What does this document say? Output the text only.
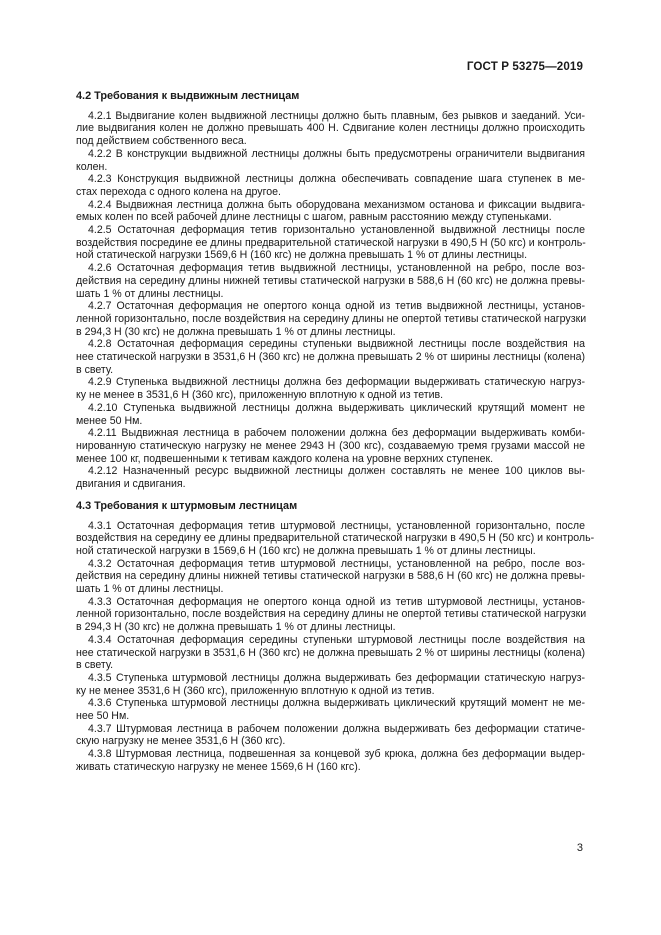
ГОСТ Р 53275—2019
4.2 Требования к выдвижным лестницам
4.2.1 Выдвигание колен выдвижной лестницы должно быть плавным, без рывков и заеданий. Уси-
лие выдвигания колен не должно превышать 400 Н. Сдвигание колен лестницы должно происходить
под действием собственного веса.
4.2.2 В конструкции выдвижной лестницы должны быть предусмотрены ограничители выдвигания
колен.
4.2.3 Конструкция выдвижной лестницы должна обеспечивать совпадение шага ступенек в ме-
стах перехода с одного колена на другое.
4.2.4 Выдвижная лестница должна быть оборудована механизмом останова и фиксации выдвига-
емых колен по всей рабочей длине лестницы с шагом, равным расстоянию между ступеньками.
4.2.5 Остаточная деформация тетив горизонтально установленной выдвижной лестницы после
воздействия посредине ее длины предварительной статической нагрузки в 490,5 Н (50 кгс) и контроль-
ной статической нагрузки 1569,6 Н (160 кгс) не должна превышать 1 % от длины лестницы.
4.2.6 Остаточная деформация тетив выдвижной лестницы, установленной на ребро, после воз-
действия на середину длины нижней тетивы статической нагрузки в 588,6 Н (60 кгс) не должна превы-
шать 1 % от длины лестницы.
4.2.7 Остаточная деформация не опертого конца одной из тетив выдвижной лестницы, установ-
ленной горизонтально, после воздействия на середину длины не опертой тетивы статической нагрузки
в 294,3 Н (30 кгс) не должна превышать 1 % от длины лестницы.
4.2.8 Остаточная деформация середины ступеньки выдвижной лестницы после воздействия на
нее статической нагрузки в 3531,6 Н (360 кгс) не должна превышать 2 % от ширины лестницы (колена)
в свету.
4.2.9 Ступенька выдвижной лестницы должна без деформации выдерживать статическую нагруз-
ку не менее в 3531,6 Н (360 кгс), приложенную вплотную к одной из тетив.
4.2.10 Ступенька выдвижной лестницы должна выдерживать циклический крутящий момент не
менее 50 Нм.
4.2.11 Выдвижная лестница в рабочем положении должна без деформации выдерживать комби-
нированную статическую нагрузку не менее 2943 Н (300 кгс), создаваемую тремя грузами массой не
менее 100 кг, подвешенными к тетивам каждого колена на уровне верхних ступенек.
4.2.12 Назначенный ресурс выдвижной лестницы должен составлять не менее 100 циклов вы-
двигания и сдвигания.
4.3 Требования к штурмовым лестницам
4.3.1 Остаточная деформация тетив штурмовой лестницы, установленной горизонтально, после
воздействия на середину ее длины предварительной статической нагрузки в 490,5 Н (50 кгс) и контроль-
ной статической нагрузки в 1569,6 Н (160 кгс) не должна превышать 1 % от длины лестницы.
4.3.2 Остаточная деформация тетив штурмовой лестницы, установленной на ребро, после воз-
действия на середину длины нижней тетивы статической нагрузки в 588,6 Н (60 кгс) не должна превы-
шать 1 % от длины лестницы.
4.3.3 Остаточная деформация не опертого конца одной из тетив штурмовой лестницы, установ-
ленной горизонтально, после воздействия на середину длины не опертой тетивы статической нагрузки
в 294,3 Н (30 кгс) не должна превышать 1 % от длины лестницы.
4.3.4 Остаточная деформация середины ступеньки штурмовой лестницы после воздействия на
нее статической нагрузки в 3531,6 Н (360 кгс) не должна превышать 2 % от ширины лестницы (колена)
в свету.
4.3.5 Ступенька штурмовой лестницы должна выдерживать без деформации статическую нагруз-
ку не менее 3531,6 Н (360 кгс), приложенную вплотную к одной из тетив.
4.3.6 Ступенька штурмовой лестницы должна выдерживать циклический крутящий момент не ме-
нее 50 Нм.
4.3.7 Штурмовая лестница в рабочем положении должна выдерживать без деформации статиче-
скую нагрузку не менее 3531,6 Н (360 кгс).
4.3.8 Штурмовая лестница, подвешенная за концевой зуб крюка, должна без деформации выдер-
живать статическую нагрузку не менее 1569,6 Н (160 кгс).
3
